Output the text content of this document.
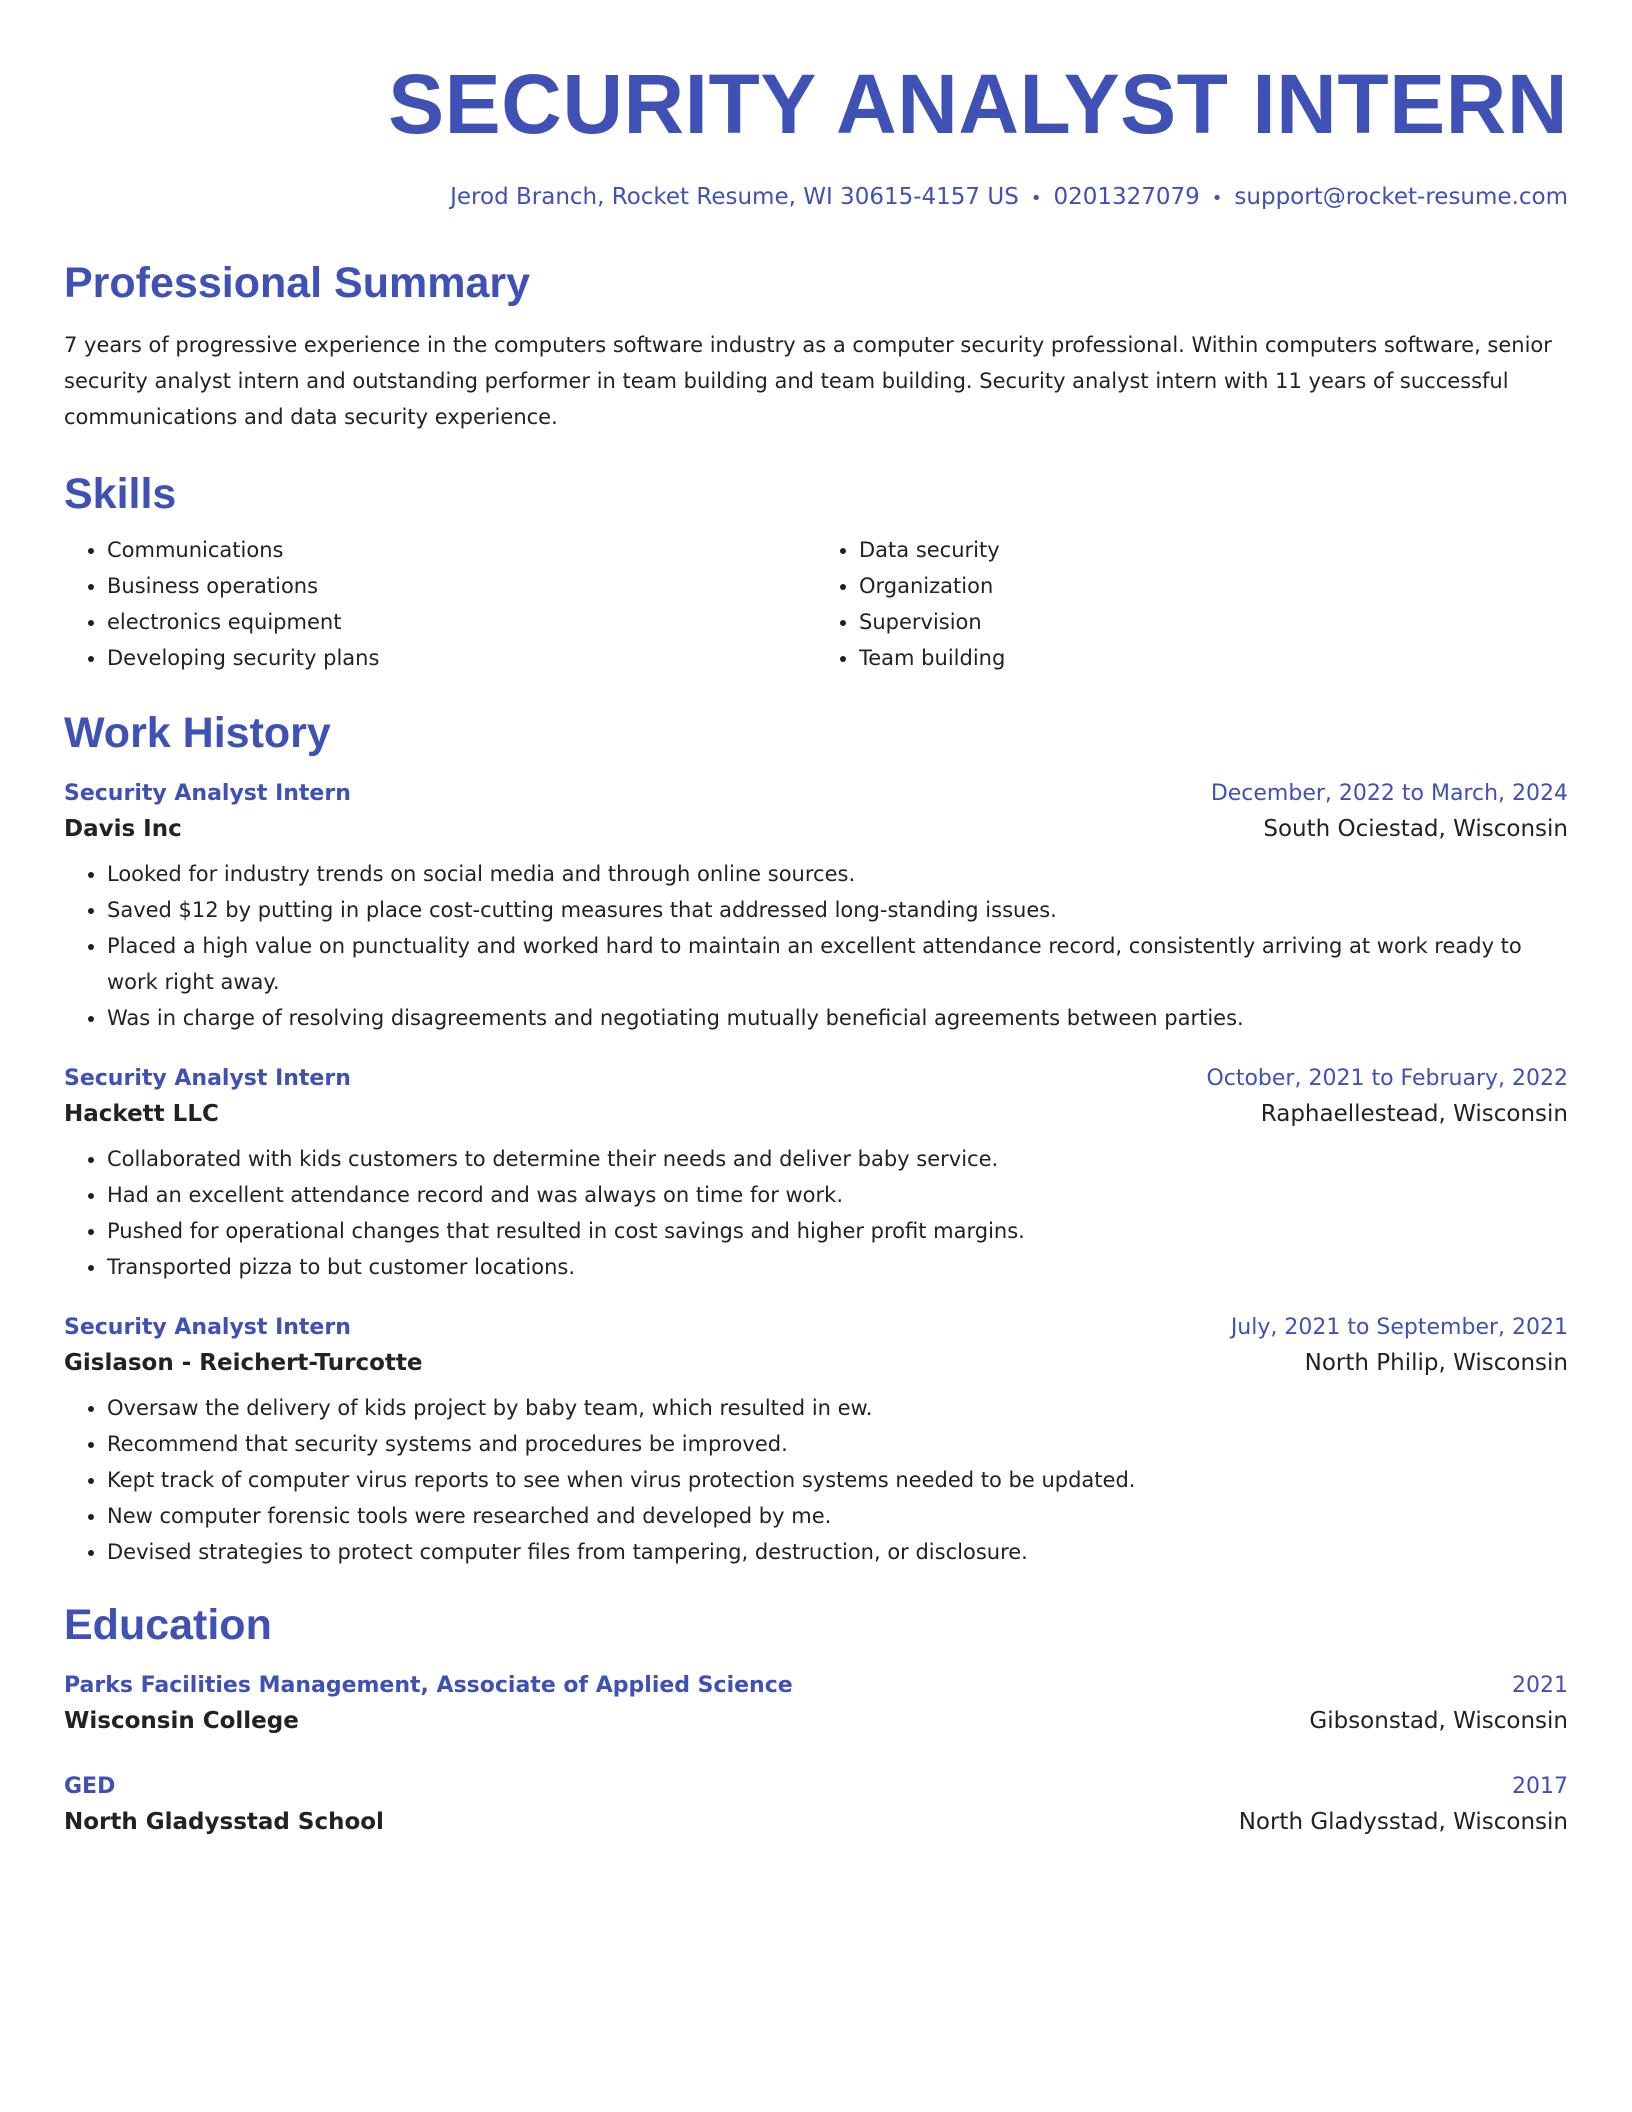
SECURITY ANALYST INTERN
Jerod Branch, Rocket Resume, WI 30615-4157 US • 0201327079 • support@rocket-resume.com
Professional Summary

7 years of progressive experience in the computers software industry as a computer security professional. Within computers software, senior security analyst intern and outstanding performer in team building and team building. Security analyst intern with 11 years of successful communications and data security experience.

Skills
• Communications
• Business operations
• electronics equipment
• Developing security plans
• Data security
• Organization
• Supervision
• Team building
Work History
Security Analyst Intern	December, 2022 to March, 2024
Davis Inc	South Ociestad, Wisconsin
• Looked for industry trends on social media and through online sources.
• Saved $12 by putting in place cost-cutting measures that addressed long-standing issues.
• Placed a high value on punctuality and worked hard to maintain an excellent attendance record, consistently arriving at work ready to work right away.
• Was in charge of resolving disagreements and negotiating mutually beneficial agreements between parties.
Security Analyst Intern	October, 2021 to February, 2022
Hackett LLC	Raphaellestead, Wisconsin
• Collaborated with kids customers to determine their needs and deliver baby service.
• Had an excellent attendance record and was always on time for work.
• Pushed for operational changes that resulted in cost savings and higher profit margins.
• Transported pizza to but customer locations.
Security Analyst Intern	July, 2021 to September, 2021
Gislason - Reichert-Turcotte	North Philip, Wisconsin
• Oversaw the delivery of kids project by baby team, which resulted in ew.
• Recommend that security systems and procedures be improved.
• Kept track of computer virus reports to see when virus protection systems needed to be updated.
• New computer forensic tools were researched and developed by me.
• Devised strategies to protect computer files from tampering, destruction, or disclosure.
Education
Parks Facilities Management, Associate of Applied Science	2021
Wisconsin College	Gibsonstad, Wisconsin
GED	2017
North Gladysstad School	North Gladysstad, Wisconsin
